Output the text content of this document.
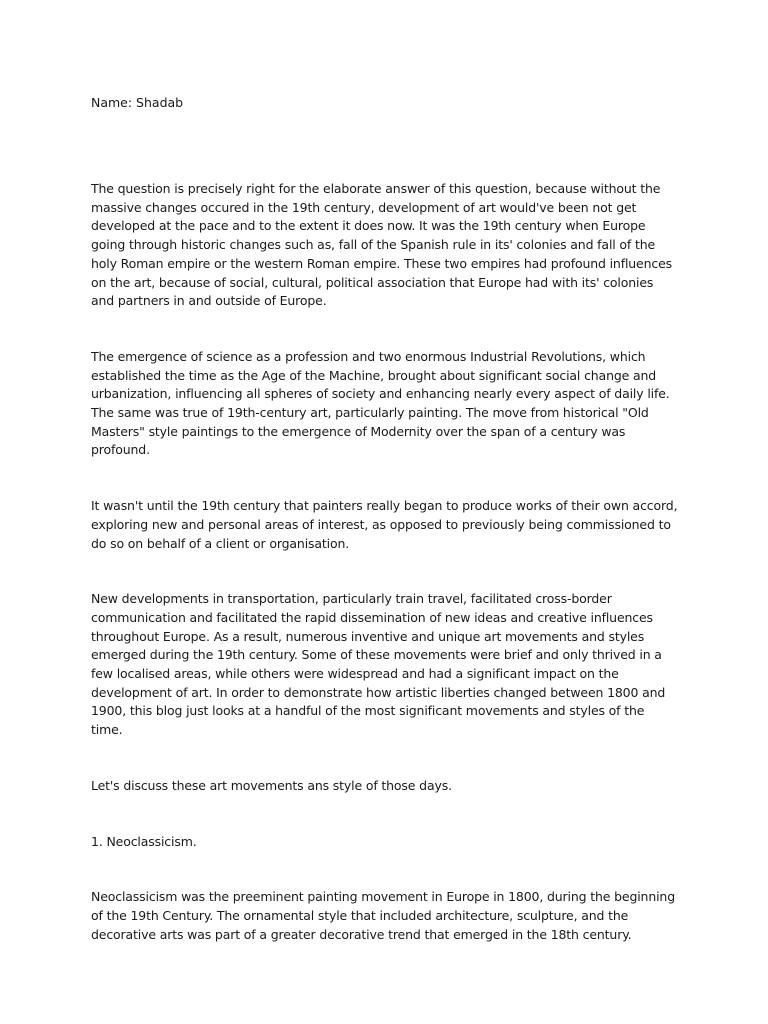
Name: Shadab

The question is precisely right for the elaborate answer of this question, because without the massive changes occured in the 19th century, development of art would've been not get developed at the pace and to the extent it does now. It was the 19th century when Europe going through historic changes such as, fall of the Spanish rule in its' colonies and fall of the holy Roman empire or the western Roman empire. These two empires had profound influences on the art, because of social, cultural, political association that Europe had with its' colonies and partners in and outside of Europe.

The emergence of science as a profession and two enormous Industrial Revolutions, which established the time as the Age of the Machine, brought about significant social change and urbanization, influencing all spheres of society and enhancing nearly every aspect of daily life. The same was true of 19th-century art, particularly painting. The move from historical "Old Masters" style paintings to the emergence of Modernity over the span of a century was profound.

It wasn't until the 19th century that painters really began to produce works of their own accord, exploring new and personal areas of interest, as opposed to previously being commissioned to do so on behalf of a client or organisation.

New developments in transportation, particularly train travel, facilitated cross-border communication and facilitated the rapid dissemination of new ideas and creative influences throughout Europe. As a result, numerous inventive and unique art movements and styles emerged during the 19th century. Some of these movements were brief and only thrived in a few localised areas, while others were widespread and had a significant impact on the development of art. In order to demonstrate how artistic liberties changed between 1800 and 1900, this blog just looks at a handful of the most significant movements and styles of the time.

Let's discuss these art movements ans style of those days.

1. Neoclassicism.

Neoclassicism was the preeminent painting movement in Europe in 1800, during the beginning of the 19th Century. The ornamental style that included architecture, sculpture, and the decorative arts was part of a greater decorative trend that emerged in the 18th century.
